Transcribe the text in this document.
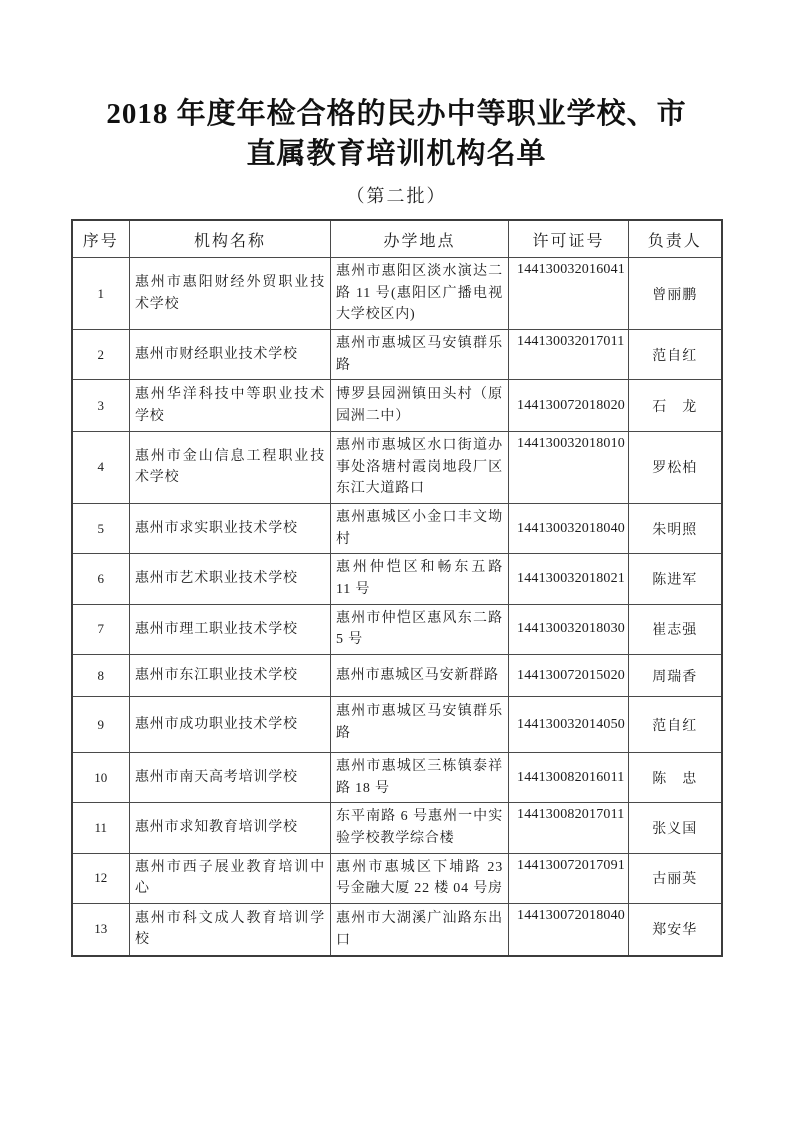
2018 年度年检合格的民办中等职业学校、市
直属教育培训机构名单
（第二批）
序号	机构名称	办学地点	许可证号	负责人
1	惠州市惠阳财经外贸职业技术学校	惠州市惠阳区淡水演达二路 11 号(惠阳区广播电视大学校区内)	144130032016041	曾丽鹏
2	惠州市财经职业技术学校	惠州市惠城区马安镇群乐路	144130032017011	范自红
3	惠州华洋科技中等职业技术学校	博罗县园洲镇田头村（原园洲二中）	144130072018020	石　龙
4	惠州市金山信息工程职业技术学校	惠州市惠城区水口街道办事处洛塘村霞岗地段厂区东江大道路口	144130032018010	罗松柏
5	惠州市求实职业技术学校	惠州惠城区小金口丰文坳村	144130032018040	朱明照
6	惠州市艺术职业技术学校	惠州仲恺区和畅东五路 11 号	144130032018021	陈进军
7	惠州市理工职业技术学校	惠州市仲恺区惠风东二路 5 号	144130032018030	崔志强
8	惠州市东江职业技术学校	惠州市惠城区马安新群路	144130072015020	周瑞香
9	惠州市成功职业技术学校	惠州市惠城区马安镇群乐路	144130032014050	范自红
10	惠州市南天高考培训学校	惠州市惠城区三栋镇泰祥路 18 号	144130082016011	陈　忠
11	惠州市求知教育培训学校	东平南路 6 号惠州一中实验学校教学综合楼	144130082017011	张义国
12	惠州市西子展业教育培训中心	惠州市惠城区下埔路 23 号金融大厦 22 楼 04 号房	144130072017091	古丽英
13	惠州市科文成人教育培训学校	惠州市大湖溪广汕路东出口	144130072018040	郑安华
